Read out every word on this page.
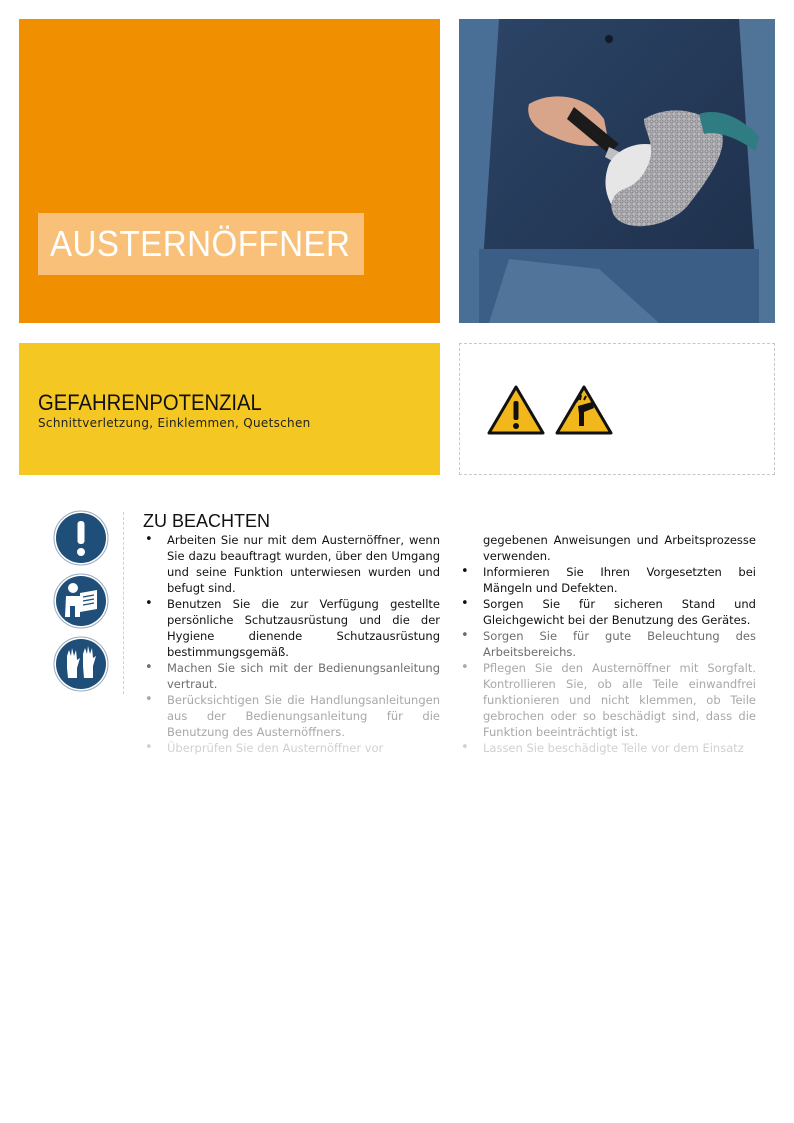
AUSTERNÖFFNER
GEFAHRENPOTENZIAL
Schnittverletzung, Einklemmen, Quetschen
ZU BEACHTEN
• Arbeiten Sie nur mit dem Austernöffner, wenn Sie dazu beauftragt wurden, über den Umgang und seine Funktion unterwiesen wurden und befugt sind.
• Benutzen Sie die zur Verfügung gestellte persönliche Schutzausrüstung und die der Hygiene dienende Schutzausrüstung bestimmungsgemäß.
• Machen Sie sich mit der Bedienungsanleitung vertraut.
• Berücksichtigen Sie die Handlungsanleitungen aus der Bedienungsanleitung für die Benutzung des Austernöffners.
• Überprüfen Sie den Austernöffner vor
gegebenen Anweisungen und Arbeitsprozesse verwenden.
• Informieren Sie Ihren Vorgesetzten bei Mängeln und Defekten.
• Sorgen Sie für sicheren Stand und Gleichgewicht bei der Benutzung des Gerätes.
• Sorgen Sie für gute Beleuchtung des Arbeitsbereichs.
• Pflegen Sie den Austernöffner mit Sorgfalt. Kontrollieren Sie, ob alle Teile einwandfrei funktionieren und nicht klemmen, ob Teile gebrochen oder so beschädigt sind, dass die Funktion beeinträchtigt ist.
• Lassen Sie beschädigte Teile vor dem Einsatz
